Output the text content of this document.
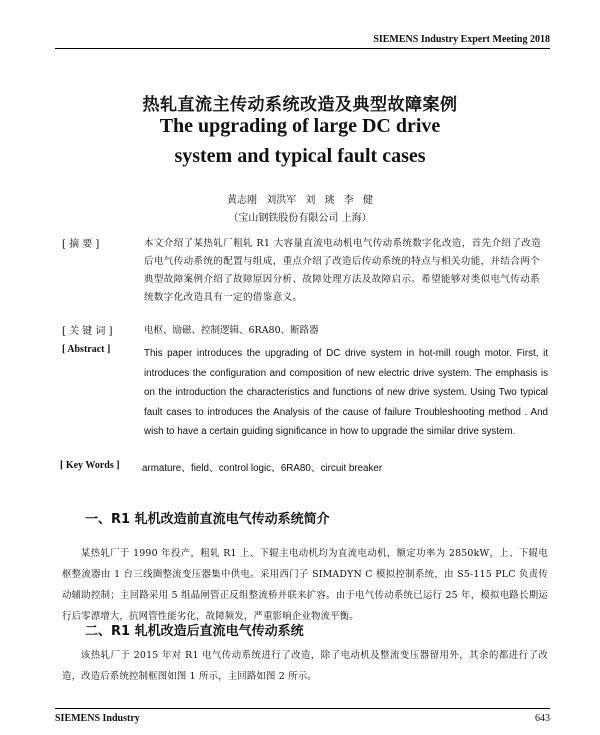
SIEMENS Industry Expert Meeting 2018
热轧直流主传动系统改造及典型故障案例
The upgrading of large DC drive
system and typical fault cases
黄志刚 刘洪军 刘 珧 李 健
（宝山钢铁股份有限公司 上海）
[ 摘 要 ]	本文介绍了某热轧厂粗轧 R1 大容量直流电动机电气传动系统数字化改造，首先介绍了改造后电气传动系统的配置与组成，重点介绍了改造后传动系统的特点与相关功能，并结合两个典型故障案例介绍了故障原因分析、故障处理方法及故障启示。希望能够对类似电气传动系统数字化改造具有一定的借鉴意义。
[ 关 键 词 ]	电枢、励磁、控制逻辑、6RA80、断路器
[ Abstract ]	This paper introduces the upgrading of DC drive system in hot-mill rough motor. First, it introduces the configuration and composition of new electric drive system. The emphasis is on the introduction the characteristics and functions of new drive system. Using Two typical fault cases to introduces the Analysis of the cause of failure Troubleshooting method . And wish to have a certain guiding significance in how to upgrade the similar drive system.
[ Key Words ] armature、field、control logic、6RA80、circuit breaker
一、R1 轧机改造前直流电气传动系统简介
某热轧厂于 1990 年投产，粗轧 R1 上、下辊主电动机均为直流电动机，额定功率为 2850kW，上、下辊电枢整流器由 1 台三线圈整流变压器集中供电。采用西门子 SIMADYN C 模拟控制系统，由 S5-115 PLC 负责传动辅助控制；主回路采用 5 组晶闸管正反组整流桥并联来扩容。由于电气传动系统已运行 25 年，模拟电路长期运行后零漂增大，抗网管性能劣化，故障频发，严重影响企业物流平衡。
二、R1 轧机改造后直流电气传动系统
该热轧厂于 2015 年对 R1 电气传动系统进行了改造，除了电动机及整流变压器留用外，其余的都进行了改造，改造后系统控制框图如图 1 所示，主回路如图 2 所示。
SIEMENS Industry	643
